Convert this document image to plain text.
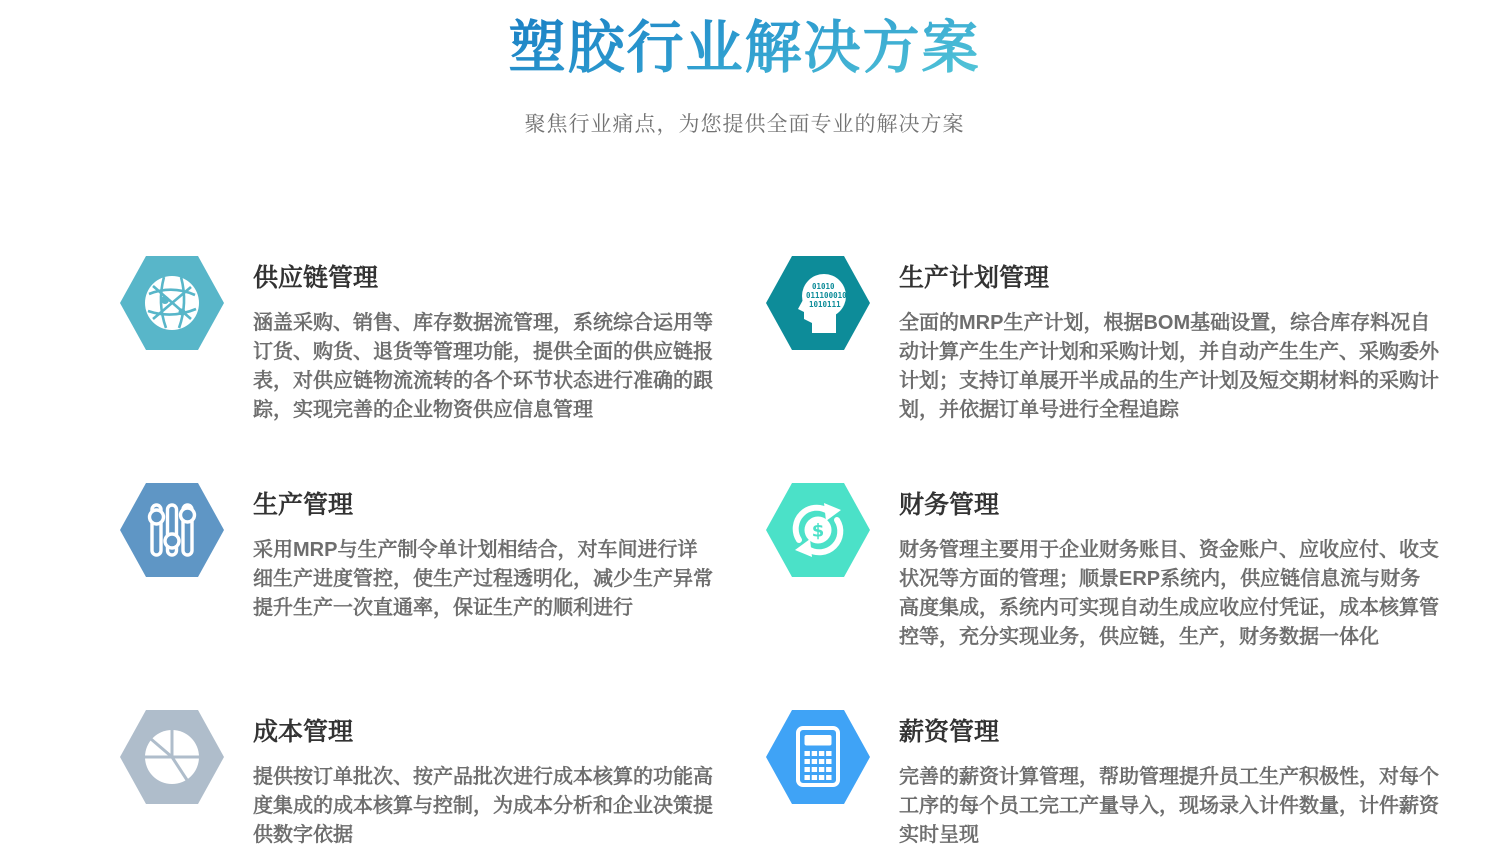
塑胶行业解决方案
聚焦行业痛点，为您提供全面专业的解决方案
供应链管理
涵盖采购、销售、库存数据流管理，系统综合运用等订货、购货、退货等管理功能，提供全面的供应链报表，对供应链物流流转的各个环节状态进行准确的跟踪，实现完善的企业物资供应信息管理
01010
011100010
1010111
生产计划管理
全面的MRP生产计划，根据BOM基础设置，综合库存料况自动计算产生生产计划和采购计划，并自动产生生产、采购委外计划；支持订单展开半成品的生产计划及短交期材料的采购计划，并依据订单号进行全程追踪
生产管理
采用MRP与生产制令单计划相结合，对车间进行详细生产进度管控，使生产过程透明化，减少生产异常提升生产一次直通率，保证生产的顺利进行
$
财务管理
财务管理主要用于企业财务账目、资金账户、应收应付、收支状况等方面的管理；顺景ERP系统内，供应链信息流与财务高度集成，系统内可实现自动生成应收应付凭证，成本核算管控等，充分实现业务，供应链，生产，财务数据一体化
成本管理
提供按订单批次、按产品批次进行成本核算的功能高度集成的成本核算与控制，为成本分析和企业决策提供数字依据
薪资管理
完善的薪资计算管理，帮助管理提升员工生产积极性，对每个工序的每个员工完工产量导入，现场录入计件数量，计件薪资实时呈现
